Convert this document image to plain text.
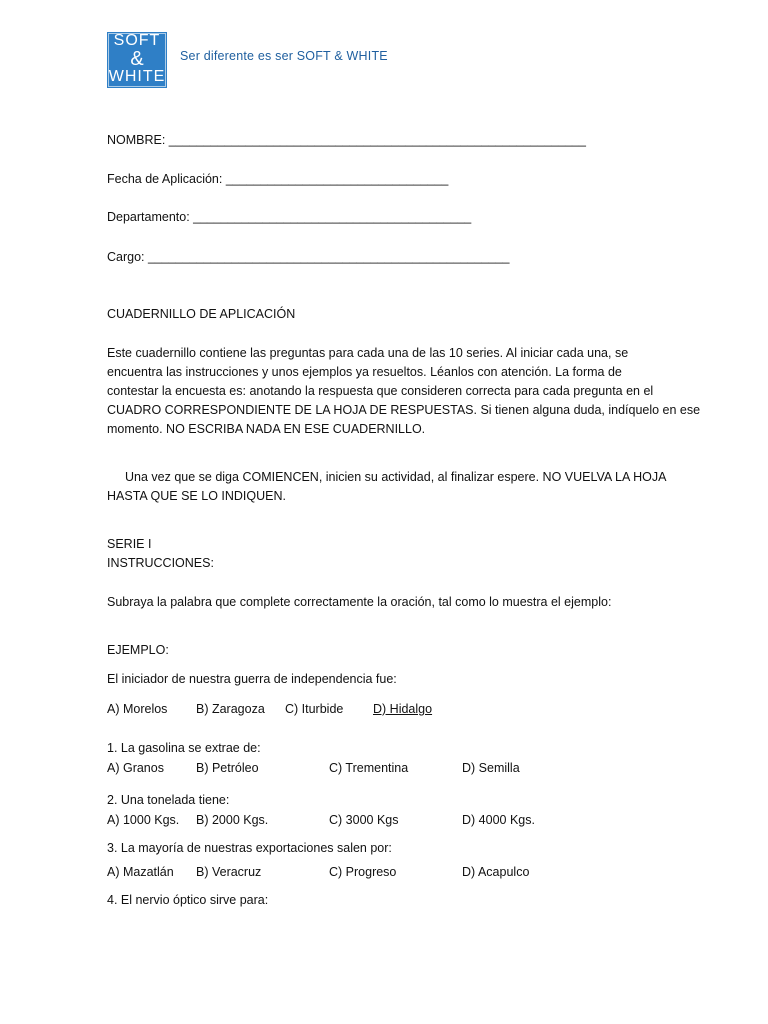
SOFT
&
WHITE
Ser diferente es ser SOFT & WHITE
NOMBRE: ____________________________________________________________
Fecha de Aplicación: ________________________________
Departamento: ________________________________________
Cargo: ____________________________________________________
CUADERNILLO DE APLICACIÓN
Este cuadernillo contiene las preguntas para cada una de las 10 series. Al iniciar cada una, se
encuentra las instrucciones y unos ejemplos ya resueltos. Léanlos con atención. La forma de
contestar la encuesta es: anotando la respuesta que consideren correcta para cada pregunta en el
CUADRO CORRESPONDIENTE DE LA HOJA DE RESPUESTAS. Si tienen alguna duda, indíquelo en ese
momento. NO ESCRIBA NADA EN ESE CUADERNILLO.
Una vez que se diga COMIENCEN, inicien su actividad, al finalizar espere. NO VUELVA LA HOJA
HASTA QUE SE LO INDIQUEN.
SERIE I
INSTRUCCIONES:
Subraya la palabra que complete correctamente la oración, tal como lo muestra el ejemplo:
EJEMPLO:
El iniciador de nuestra guerra de independencia fue:
A) Morelos B) Zaragoza C) Iturbide D) Hidalgo
1. La gasolina se extrae de:
A) Granos	B) Petróleo	C) Trementina	D) Semilla
2. Una tonelada tiene:
A) 1000 Kgs. B) 2000 Kgs.	C) 3000 Kgs	D) 4000 Kgs.
3. La mayoría de nuestras exportaciones salen por:
A) Mazatlán B) Veracruz	C) Progreso	D) Acapulco
4. El nervio óptico sirve para:
